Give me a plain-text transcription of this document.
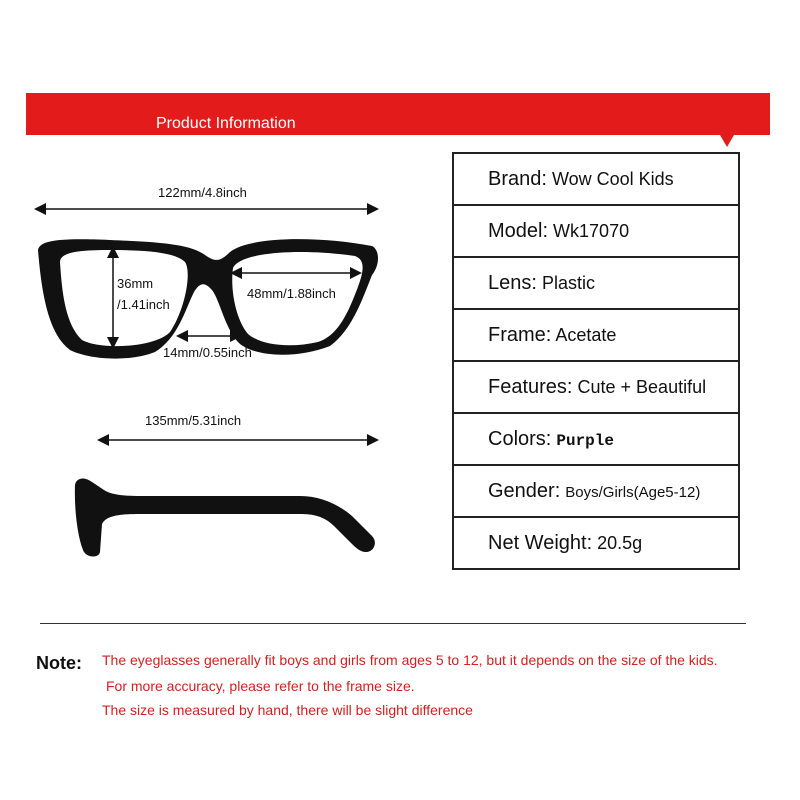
Product Information
122mm/4.8inch
36mm
/1.41inch
48mm/1.88inch
14mm/0.55inch
135mm/5.31inch
Brand: Wow Cool Kids
Model: Wk17070
Lens: Plastic
Frame: Acetate
Features: Cute + Beautiful
Colors: Purple
Gender: Boys/Girls(Age5-12)
Net Weight: 20.5g
Note: The eyeglasses generally fit boys and girls from ages 5 to 12, but it depends on the size of the kids.
For more accuracy, please refer to the frame size.
The size is measured by hand, there will be slight difference
